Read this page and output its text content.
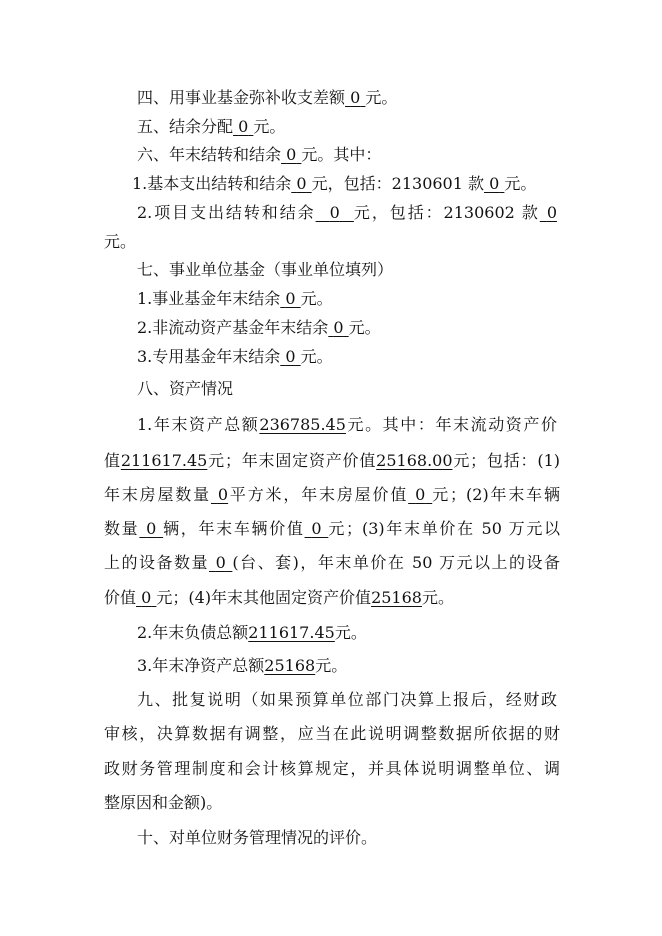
四、用事业基金弥补收支差额 0 元。

五、结余分配 0 元。

六、年末结转和结余 0 元。其中：

1.基本支出结转和结余 0 元，包括：2130601 款 0 元。

2.项目支出结转和结余 0 元，包括：2130602 款 0

元。

七、事业单位基金（事业单位填列）

1.事业基金年末结余 0 元。

2.非流动资产基金年末结余 0 元。

3.专用基金年末结余 0 元。

八、资产情况

1.年末资产总额236785.45元。其中：年末流动资产价

值211617.45元；年末固定资产价值25168.00元；包括：(1)

年末房屋数量 0平方米，年末房屋价值 0 元；(2)年末车辆

数量 0 辆，年末车辆价值 0 元；(3)年末单价在 50 万元以

上的设备数量 0 (台、套)，年末单价在 50 万元以上的设备

价值 0 元；(4)年末其他固定资产价值25168元。

2.年末负债总额211617.45元。

3.年末净资产总额25168元。

九、批复说明（如果预算单位部门决算上报后，经财政

审核，决算数据有调整，应当在此说明调整数据所依据的财

政财务管理制度和会计核算规定，并具体说明调整单位、调

整原因和金额)。

十、对单位财务管理情况的评价。
